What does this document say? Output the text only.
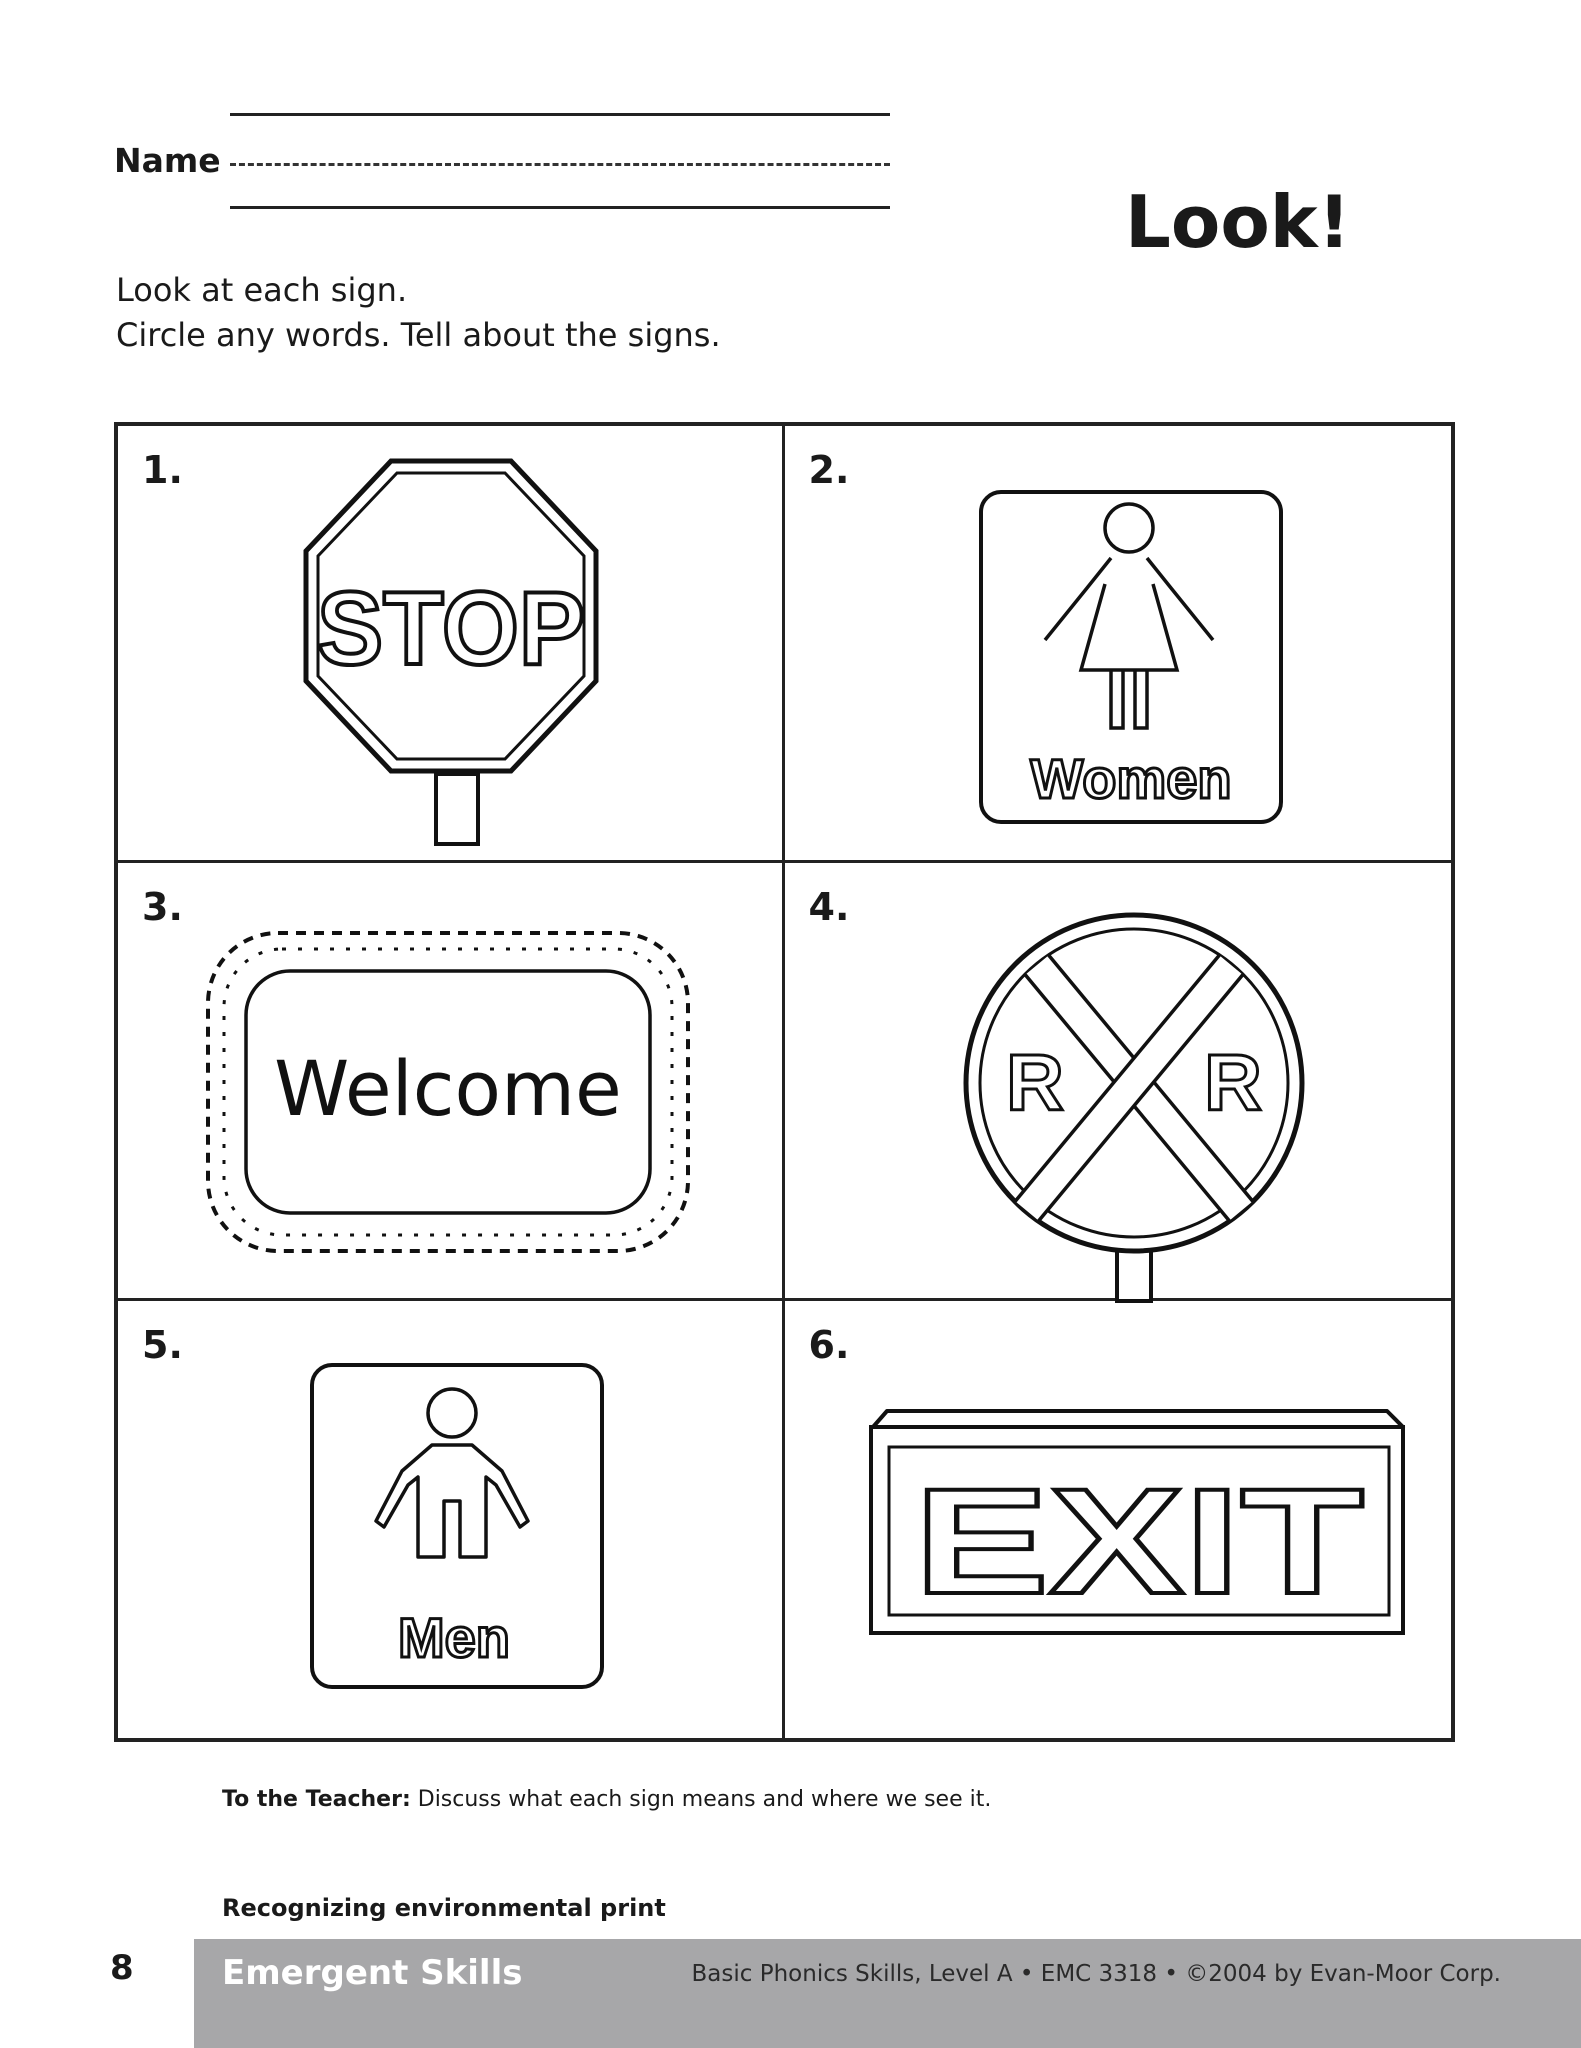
Name
Look!
Look at each sign.
Circle any words. Tell about the signs.
1.
STOP
Women
2.
3.
Welcome
4.
R R
5.
Men
6.
EXIT
To the Teacher: Discuss what each sign means and where we see it.
Recognizing environmental print
8	Emergent Skills	Basic Phonics Skills, Level A • EMC 3318 • ©2004 by Evan-Moor Corp.
